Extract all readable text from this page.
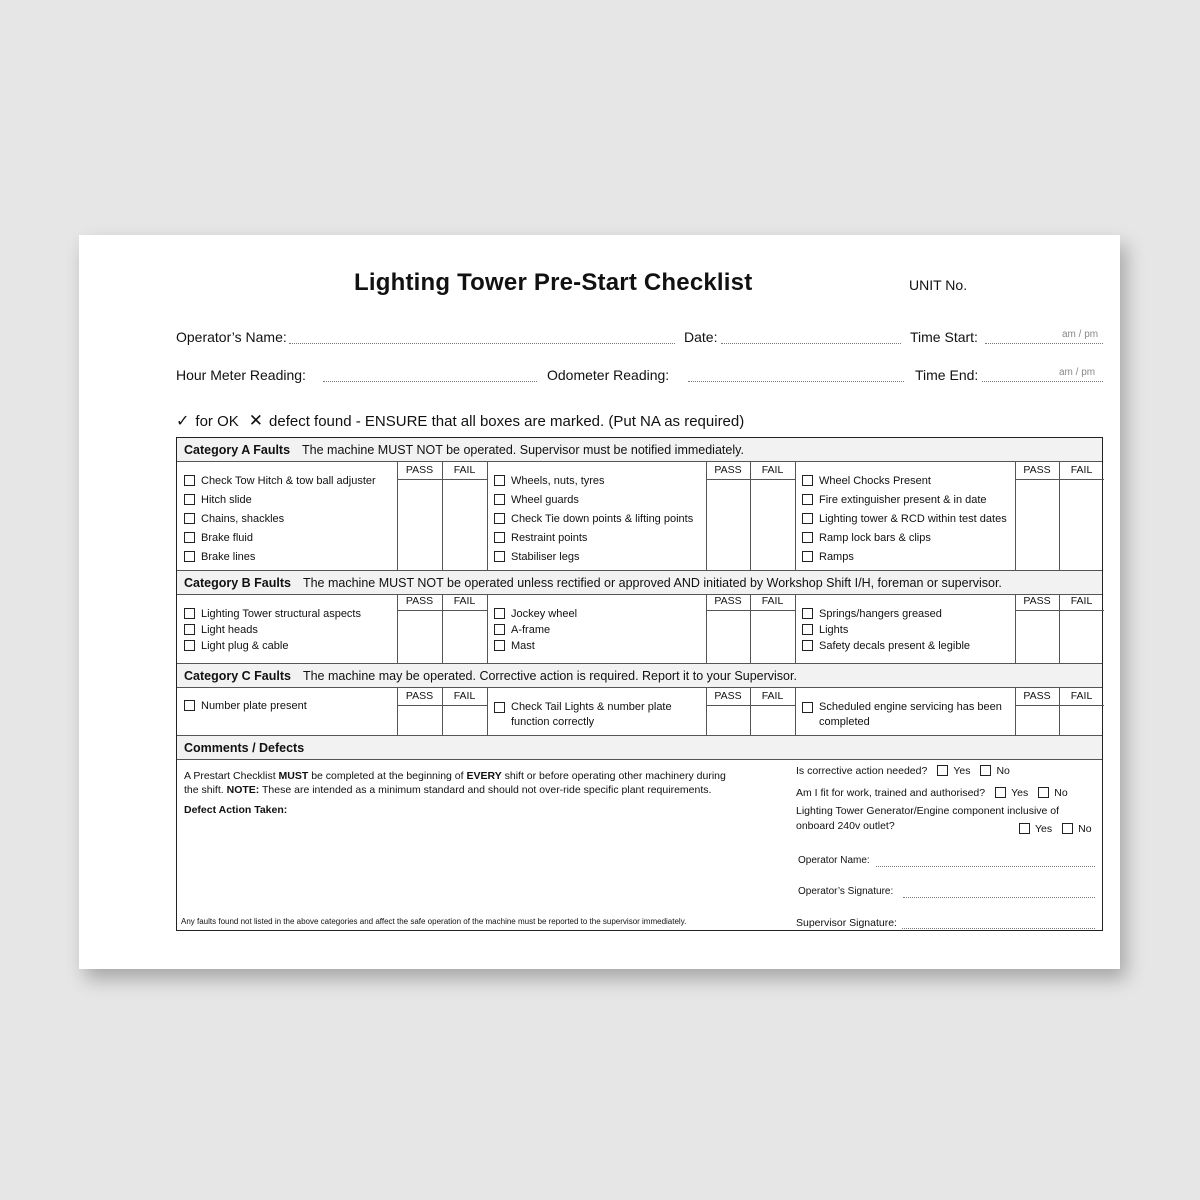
Lighting Tower Pre-Start Checklist	UNIT No.
Operator’s Name:	Date:	Time Start:	am / pm
Hour Meter Reading:	Odometer Reading:	Time End:	am / pm
✓ for OK ✕ defect found - ENSURE that all boxes are marked. (Put NA as required)
Category A Faults The machine MUST NOT be operated. Supervisor must be notified immediately.
Check Tow Hitch & tow ball adjuster
Hitch slide
Chains, shackles
Brake fluid
Brake lines
PASS	FAIL
Wheels, nuts, tyres
Wheel guards
Check Tie down points & lifting points
Restraint points
Stabiliser legs
PASS	FAIL
Wheel Chocks Present
Fire extinguisher present & in date
Lighting tower & RCD within test dates
Ramp lock bars & clips
Ramps
PASS	FAIL
Category B Faults The machine MUST NOT be operated unless rectified or approved AND initiated by Workshop Shift I/H, foreman or supervisor.
Lighting Tower structural aspects
Light heads
Light plug & cable
PASS	FAIL
Jockey wheel
A-frame
Mast
PASS	FAIL
Springs/hangers greased
Lights
Safety decals present & legible
PASS	FAIL
Category C Faults The machine may be operated. Corrective action is required. Report it to your Supervisor.
Number plate present
PASS	FAIL
Check Tail Lights & number plate
function correctly
PASS	FAIL
Scheduled engine servicing has been
completed
PASS	FAIL
Comments / Defects
A Prestart Checklist MUST be completed at the beginning of EVERY shift or before operating other machinery during
the shift. NOTE: These are intended as a minimum standard and should not over-ride specific plant requirements.
Defect Action Taken:
Any faults found not listed in the above categories and affect the safe operation of the machine must be reported to the supervisor immediately.
Is corrective action needed? Yes No
Am I fit for work, trained and authorised? Yes No
Lighting Tower Generator/Engine component inclusive of
onboard 240v outlet?	Yes No
Operator Name:
Operator’s Signature:
Supervisor Signature:
